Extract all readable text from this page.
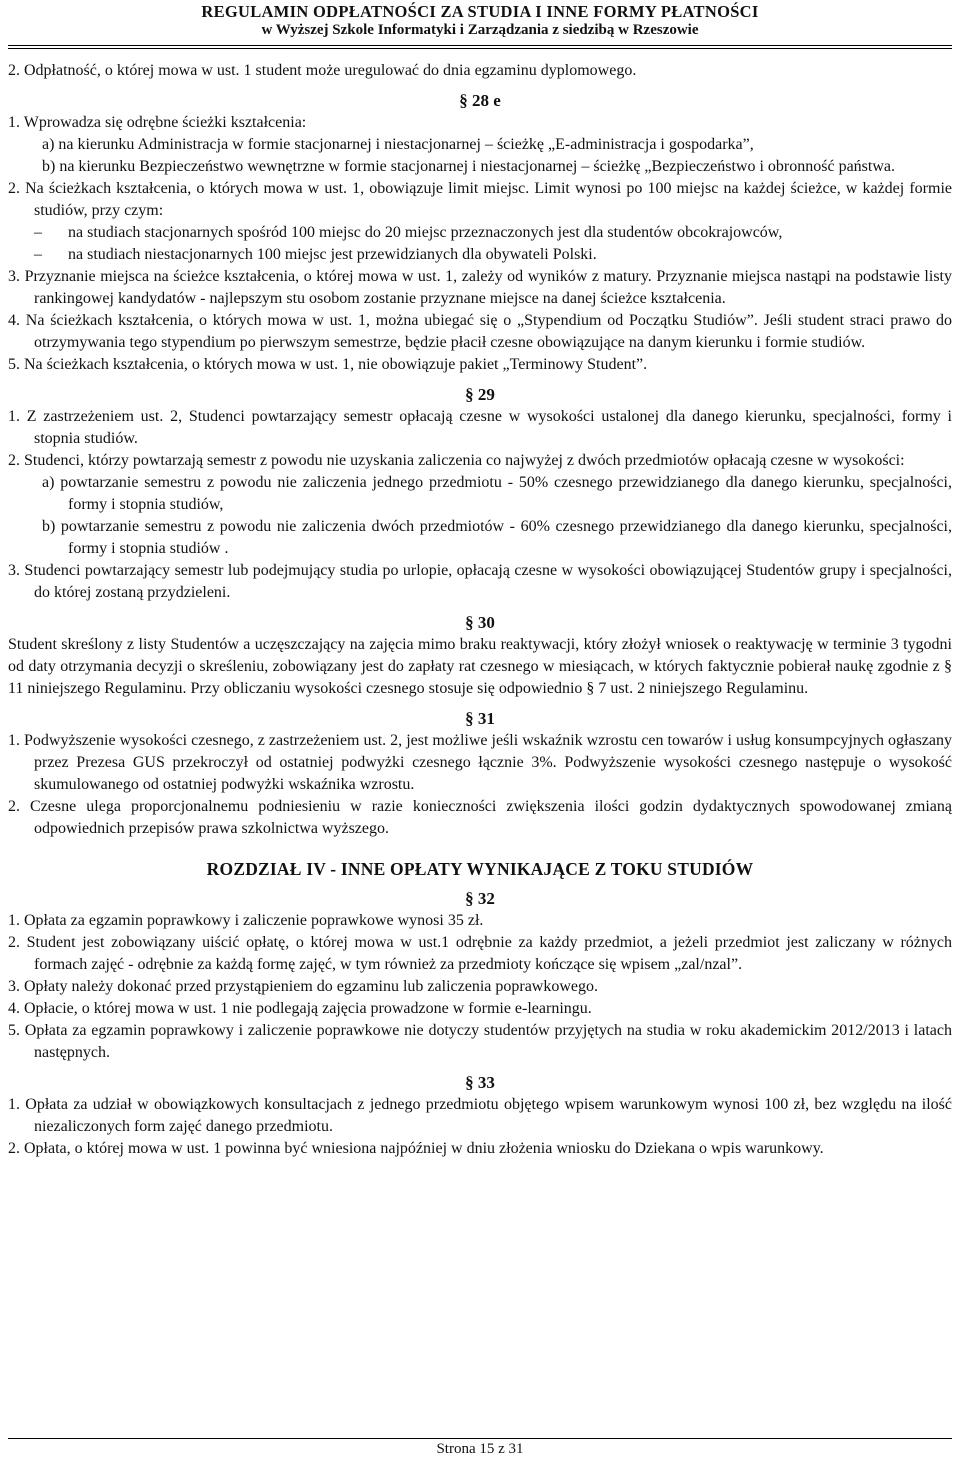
REGULAMIN ODPŁATNOŚCI ZA STUDIA I INNE FORMY PŁATNOŚCI
w Wyższej Szkole Informatyki i Zarządzania z siedzibą w Rzeszowie

2. Odpłatność, o której mowa w ust. 1 student może uregulować do dnia egzaminu dyplomowego.

§ 28 e

1. Wprowadza się odrębne ścieżki kształcenia:

a) na kierunku Administracja w formie stacjonarnej i niestacjonarnej – ścieżkę „E-administracja i gospodarka”,

b) na kierunku Bezpieczeństwo wewnętrzne w formie stacjonarnej i niestacjonarnej – ścieżkę „Bezpieczeństwo i obronność państwa.

2. Na ścieżkach kształcenia, o których mowa w ust. 1, obowiązuje limit miejsc. Limit wynosi po 100 miejsc na każdej ścieżce, w każdej formie studiów, przy czym:

– na studiach stacjonarnych spośród 100 miejsc do 20 miejsc przeznaczonych jest dla studentów obcokrajowców,

– na studiach niestacjonarnych 100 miejsc jest przewidzianych dla obywateli Polski.

3. Przyznanie miejsca na ścieżce kształcenia, o której mowa w ust. 1, zależy od wyników z matury. Przyznanie miejsca nastąpi na podstawie listy rankingowej kandydatów - najlepszym stu osobom zostanie przyznane miejsce na danej ścieżce kształcenia.

4. Na ścieżkach kształcenia, o których mowa w ust. 1, można ubiegać się o „Stypendium od Początku Studiów”. Jeśli student straci prawo do otrzymywania tego stypendium po pierwszym semestrze, będzie płacił czesne obowiązujące na danym kierunku i formie studiów.

5. Na ścieżkach kształcenia, o których mowa w ust. 1, nie obowiązuje pakiet „Terminowy Student”.

§ 29

1. Z zastrzeżeniem ust. 2, Studenci powtarzający semestr opłacają czesne w wysokości ustalonej dla danego kierunku, specjalności, formy i stopnia studiów.

2. Studenci, którzy powtarzają semestr z powodu nie uzyskania zaliczenia co najwyżej z dwóch przedmiotów opłacają czesne w wysokości:

a) powtarzanie semestru z powodu nie zaliczenia jednego przedmiotu - 50% czesnego przewidzianego dla danego kierunku, specjalności, formy i stopnia studiów,

b) powtarzanie semestru z powodu nie zaliczenia dwóch przedmiotów - 60% czesnego przewidzianego dla danego kierunku, specjalności, formy i stopnia studiów .

3. Studenci powtarzający semestr lub podejmujący studia po urlopie, opłacają czesne w wysokości obowiązującej Studentów grupy i specjalności, do której zostaną przydzieleni.

§ 30

Student skreślony z listy Studentów a uczęszczający na zajęcia mimo braku reaktywacji, który złożył wniosek o reaktywację w terminie 3 tygodni od daty otrzymania decyzji o skreśleniu, zobowiązany jest do zapłaty rat czesnego w miesiącach, w których faktycznie pobierał naukę zgodnie z § 11 niniejszego Regulaminu. Przy obliczaniu wysokości czesnego stosuje się odpowiednio § 7 ust. 2 niniejszego Regulaminu.

§ 31

1. Podwyższenie wysokości czesnego, z zastrzeżeniem ust. 2, jest możliwe jeśli wskaźnik wzrostu cen towarów i usług konsumpcyjnych ogłaszany przez Prezesa GUS przekroczył od ostatniej podwyżki czesnego łącznie 3%. Podwyższenie wysokości czesnego następuje o wysokość skumulowanego od ostatniej podwyżki wskaźnika wzrostu.

2. Czesne ulega proporcjonalnemu podniesieniu w razie konieczności zwiększenia ilości godzin dydaktycznych spowodowanej zmianą odpowiednich przepisów prawa szkolnictwa wyższego.

ROZDZIAŁ IV - INNE OPŁATY WYNIKAJĄCE Z TOKU STUDIÓW

§ 32

1. Opłata za egzamin poprawkowy i zaliczenie poprawkowe wynosi 35 zł.

2. Student jest zobowiązany uiścić opłatę, o której mowa w ust.1 odrębnie za każdy przedmiot, a jeżeli przedmiot jest zaliczany w różnych formach zajęć - odrębnie za każdą formę zajęć, w tym również za przedmioty kończące się wpisem „zal/nzal”.

3. Opłaty należy dokonać przed przystąpieniem do egzaminu lub zaliczenia poprawkowego.

4. Opłacie, o której mowa w ust. 1 nie podlegają zajęcia prowadzone w formie e-learningu.

5. Opłata za egzamin poprawkowy i zaliczenie poprawkowe nie dotyczy studentów przyjętych na studia w roku akademickim 2012/2013 i latach następnych.

§ 33

1. Opłata za udział w obowiązkowych konsultacjach z jednego przedmiotu objętego wpisem warunkowym wynosi 100 zł, bez względu na ilość niezaliczonych form zajęć danego przedmiotu.

2. Opłata, o której mowa w ust. 1 powinna być wniesiona najpóźniej w dniu złożenia wniosku do Dziekana o wpis warunkowy.

Strona 15 z 31
